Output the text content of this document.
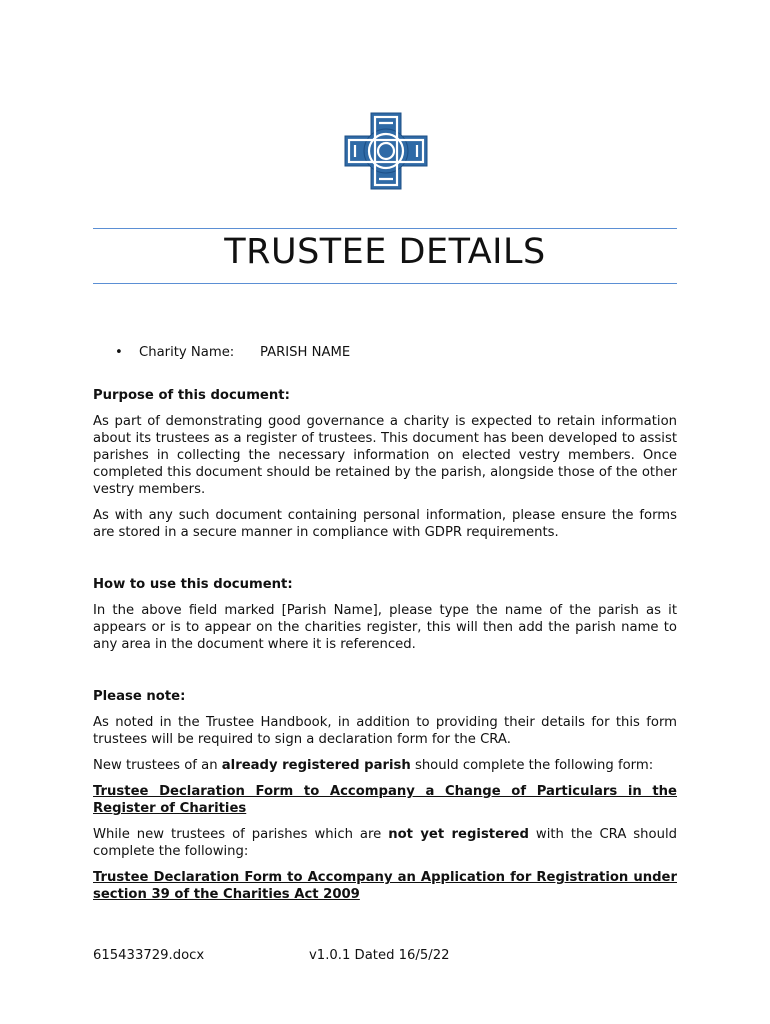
TRUSTEE DETAILS
• Charity Name: PARISH NAME

Purpose of this document:

As part of demonstrating good governance a charity is expected to retain information about its trustees as a register of trustees. This document has been developed to assist parishes in collecting the necessary information on elected vestry members. Once completed this document should be retained by the parish, alongside those of the other vestry members.

As with any such document containing personal information, please ensure the forms are stored in a secure manner in compliance with GDPR requirements.

How to use this document:

In the above field marked [Parish Name], please type the name of the parish as it appears or is to appear on the charities register, this will then add the parish name to any area in the document where it is referenced.

Please note:

As noted in the Trustee Handbook, in addition to providing their details for this form trustees will be required to sign a declaration form for the CRA.

New trustees of an already registered parish should complete the following form:

Trustee Declaration Form to Accompany a Change of Particulars in the Register of Charities

While new trustees of parishes which are not yet registered with the CRA should complete the following:

Trustee Declaration Form to Accompany an Application for Registration under section 39 of the Charities Act 2009

615433729.docx	v1.0.1 Dated 16/5/22
